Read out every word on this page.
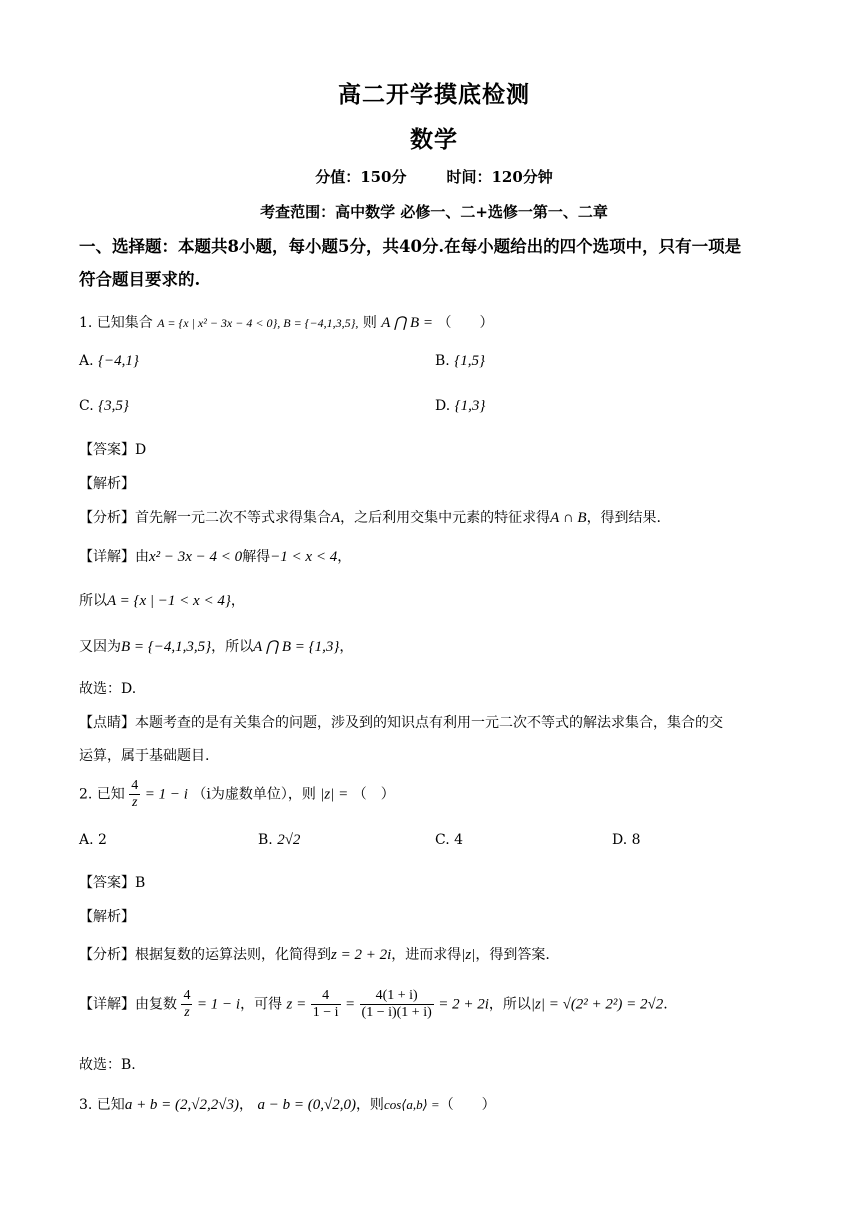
高二开学摸底检测
数学
分值：150分	时间：120分钟
考查范围：高中数学 必修一、二+选修一第一、二章
一、选择题：本题共8小题，每小题5分，共40分.在每小题给出的四个选项中，只有一项是
符合题目要求的.
1. 已知集合 A = {x | x² − 3x − 4 < 0}, B = {−4,1,3,5}, 则 A ⋂ B = （　　）
A. {−4,1}	B. {1,5}
C. {3,5}	D. {1,3}
【答案】D
【解析】
【分析】首先解一元二次不等式求得集合A，之后利用交集中元素的特征求得A ∩ B，得到结果.
【详解】由x² − 3x − 4 < 0解得−1 < x < 4，
所以A = {x | −1 < x < 4}，
又因为B = {−4,1,3,5}，所以A ⋂ B = {1,3}，
故选：D.
【点睛】本题考查的是有关集合的问题，涉及到的知识点有利用一元二次不等式的解法求集合，集合的交
运算，属于基础题目.
2. 已知 $\frac{4}{z} = 1 - i$ （i为虚数单位），则 |z| = （　）
A. 2	B. 2√2	C. 4	D. 8
【答案】B
【解析】
【分析】根据复数的运算法则，化简得到z = 2 + 2i，进而求得|z|，得到答案.
【详解】由复数 $\frac{4}{z} = 1 - i$，可得 $z = \frac{4}{1 - i} = \frac{4(1 + i)}{(1 - i)(1 + i)} = 2 + 2i$，所以|z| = √(2² + 2²) = 2√2.
故选：B.
3. 已知a + b = (2,√2,2√3)， a − b = (0,√2,0)，则cos⟨a,b⟩ =（　　）
